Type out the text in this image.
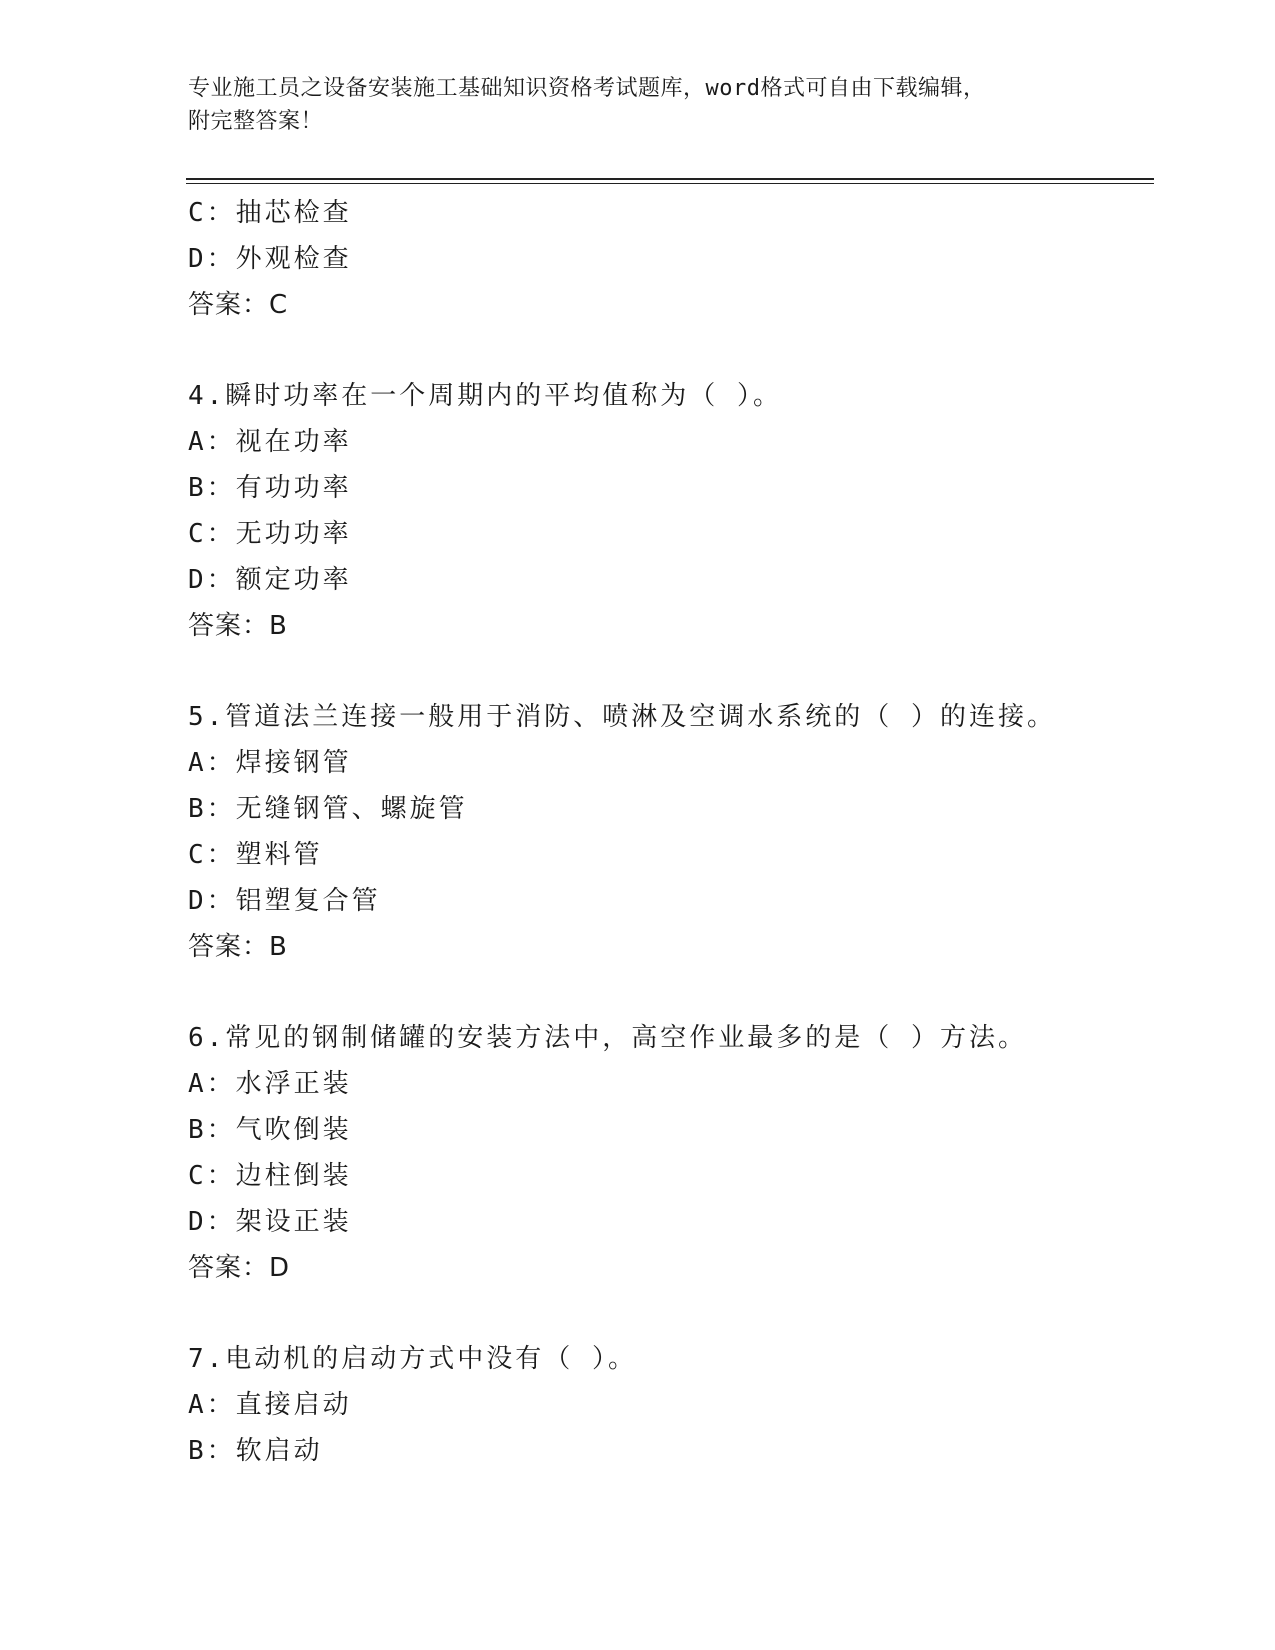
专业施工员之设备安装施工基础知识资格考试题库，word格式可自由下载编辑，
附完整答案！
C：抽芯检查
D：外观检查
答案：C
4.瞬时功率在一个周期内的平均值称为（ ）。
A：视在功率
B：有功功率
C：无功功率
D：额定功率
答案：B
5.管道法兰连接一般用于消防、喷淋及空调水系统的（ ）的连接。
A：焊接钢管
B：无缝钢管、螺旋管
C：塑料管
D：铝塑复合管
答案：B
6.常见的钢制储罐的安装方法中，高空作业最多的是（ ）方法。
A：水浮正装
B：气吹倒装
C：边柱倒装
D：架设正装
答案：D
7.电动机的启动方式中没有（ ）。
A：直接启动
B：软启动
